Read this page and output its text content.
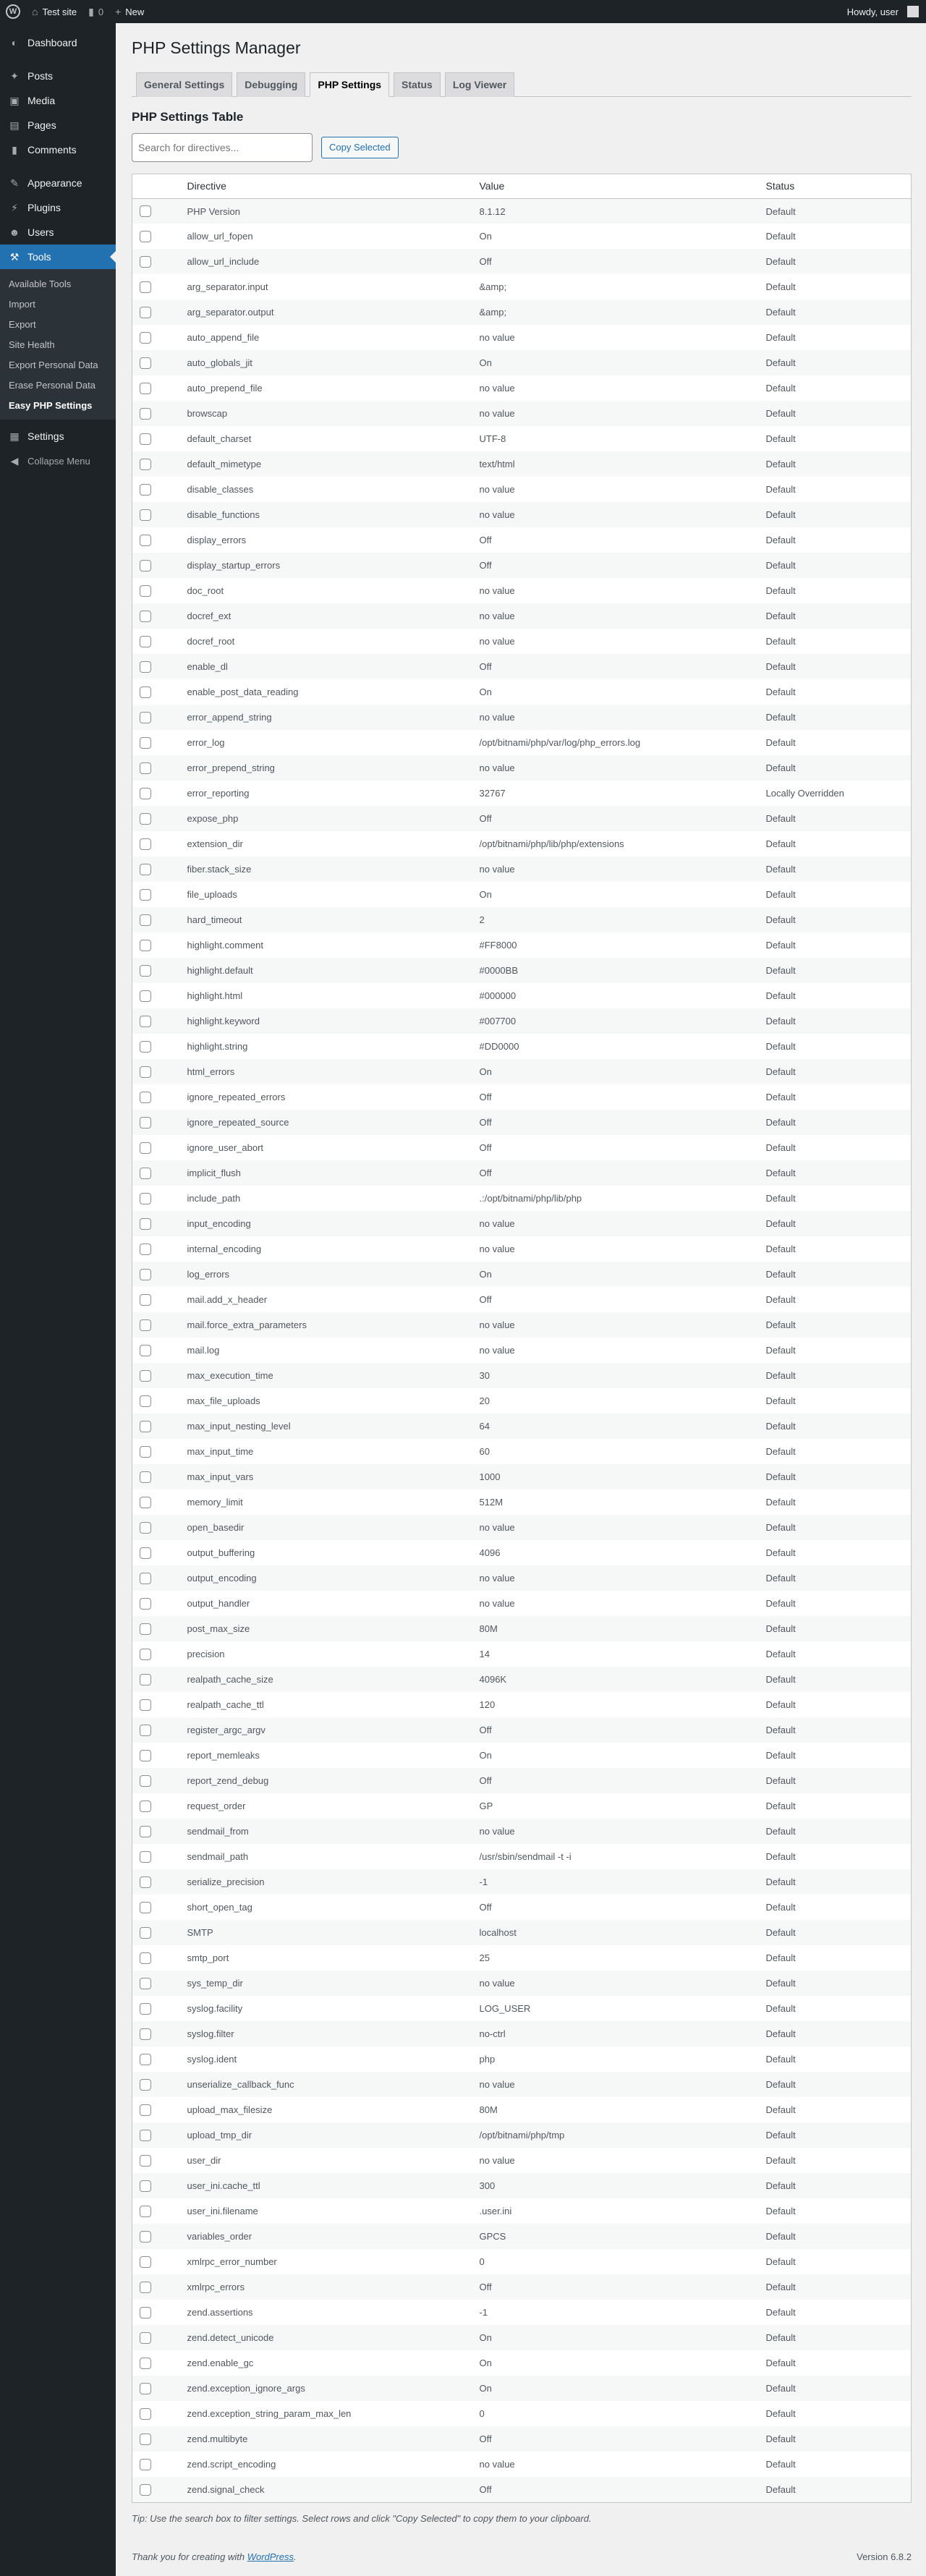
W	⌂ Test site ▮ 0 + New	Howdy, user
◐ Dashboard
✦ Posts
▣ Media
▤ Pages
▮	Comments
✎ Appearance
⚡ Plugins
☻ Users
⚒ Tools
Available Tools
Import
Export
Site Health
Export Personal Data
Erase Personal Data
Easy PHP Settings
▦ Settings
◀ Collapse Menu
PHP Settings Manager
General Settings	Debugging	PHP Settings	Status	Log Viewer
PHP Settings Table
Search for directives...
Copy Selected
	Directive	Value	Status
	PHP Version	8.1.12	Default
	allow_url_fopen	On	Default
	allow_url_include	Off	Default
	arg_separator.input	&amp;	Default
	arg_separator.output	&amp;	Default
	auto_append_file	no value	Default
	auto_globals_jit	On	Default
	auto_prepend_file	no value	Default
	browscap	no value	Default
	default_charset	UTF-8	Default
	default_mimetype	text/html	Default
	disable_classes	no value	Default
	disable_functions	no value	Default
	display_errors	Off	Default
	display_startup_errors	Off	Default
	doc_root	no value	Default
	docref_ext	no value	Default
	docref_root	no value	Default
	enable_dl	Off	Default
	enable_post_data_reading	On	Default
	error_append_string	no value	Default
	error_log	/opt/bitnami/php/var/log/php_errors.log	Default
	error_prepend_string	no value	Default
	error_reporting	32767	Locally Overridden
	expose_php	Off	Default
	extension_dir	/opt/bitnami/php/lib/php/extensions	Default
	fiber.stack_size	no value	Default
	file_uploads	On	Default
	hard_timeout	2	Default
	highlight.comment	#FF8000	Default
	highlight.default	#0000BB	Default
	highlight.html	#000000	Default
	highlight.keyword	#007700	Default
	highlight.string	#DD0000	Default
	html_errors	On	Default
	ignore_repeated_errors	Off	Default
	ignore_repeated_source	Off	Default
	ignore_user_abort	Off	Default
	implicit_flush	Off	Default
	include_path	.:/opt/bitnami/php/lib/php	Default
	input_encoding	no value	Default
	internal_encoding	no value	Default
	log_errors	On	Default
	mail.add_x_header	Off	Default
	mail.force_extra_parameters	no value	Default
	mail.log	no value	Default
	max_execution_time	30	Default
	max_file_uploads	20	Default
	max_input_nesting_level	64	Default
	max_input_time	60	Default
	max_input_vars	1000	Default
	memory_limit	512M	Default
	open_basedir	no value	Default
	output_buffering	4096	Default
	output_encoding	no value	Default
	output_handler	no value	Default
	post_max_size	80M	Default
	precision	14	Default
	realpath_cache_size	4096K	Default
	realpath_cache_ttl	120	Default
	register_argc_argv	Off	Default
	report_memleaks	On	Default
	report_zend_debug	Off	Default
	request_order	GP	Default
	sendmail_from	no value	Default
	sendmail_path	/usr/sbin/sendmail -t -i	Default
	serialize_precision	-1	Default
	short_open_tag	Off	Default
	SMTP	localhost	Default
	smtp_port	25	Default
	sys_temp_dir	no value	Default
	syslog.facility	LOG_USER	Default
	syslog.filter	no-ctrl	Default
	syslog.ident	php	Default
	unserialize_callback_func	no value	Default
	upload_max_filesize	80M	Default
	upload_tmp_dir	/opt/bitnami/php/tmp	Default
	user_dir	no value	Default
	user_ini.cache_ttl	300	Default
	user_ini.filename	.user.ini	Default
	variables_order	GPCS	Default
	xmlrpc_error_number	0	Default
	xmlrpc_errors	Off	Default
	zend.assertions	-1	Default
	zend.detect_unicode	On	Default
	zend.enable_gc	On	Default
	zend.exception_ignore_args	On	Default
	zend.exception_string_param_max_len	0	Default
	zend.multibyte	Off	Default
	zend.script_encoding	no value	Default
	zend.signal_check	Off	Default

Tip: Use the search box to filter settings. Select rows and click "Copy Selected" to copy them to your clipboard.

Thank you for creating with WordPress.	Version 6.8.2
